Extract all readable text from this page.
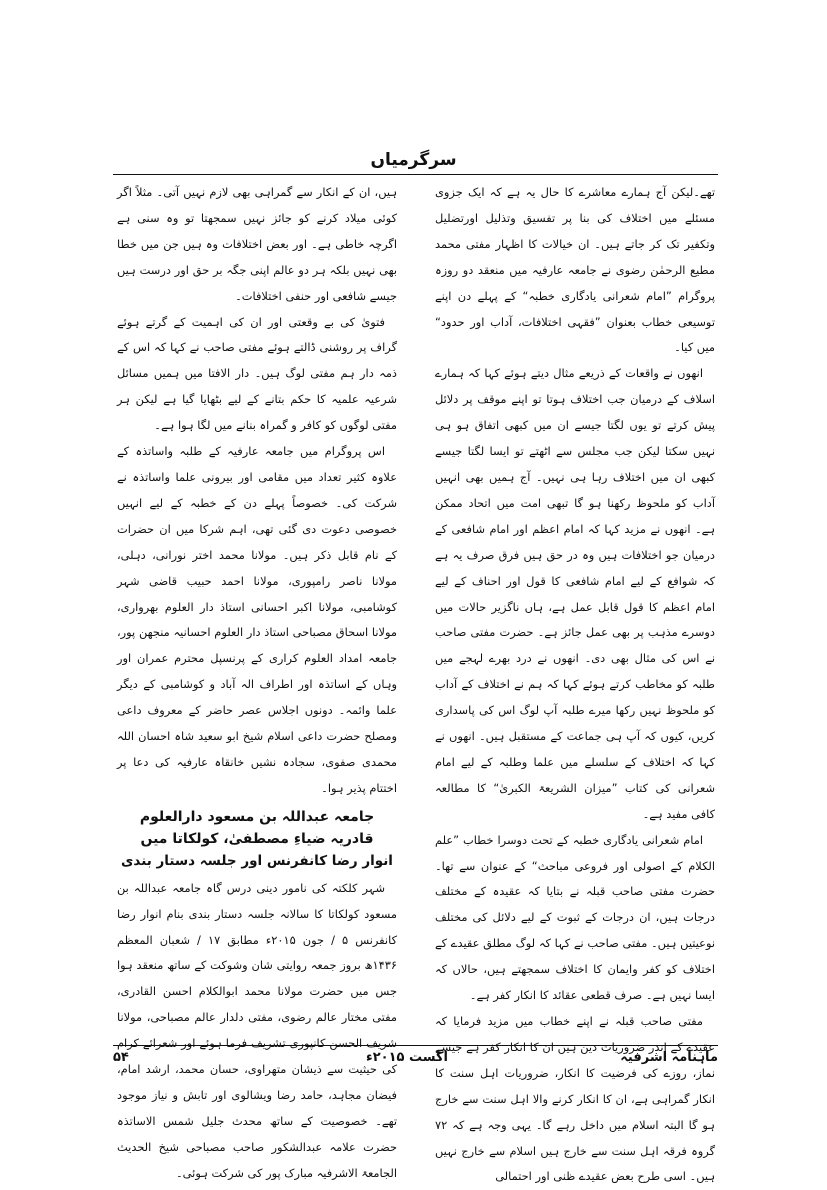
سرگرمیاں

تھے۔لیکن آج ہمارے معاشرے کا حال یہ ہے کہ ایک جزوی مسئلے میں اختلاف کی بنا پر تفسیق وتذلیل اورتضلیل وتکفیر تک کر جاتے ہیں۔ ان خیالات کا اظہار مفتی محمد مطیع الرحمٰن رضوی نے جامعہ عارفیہ میں منعقد دو روزہ پروگرام ”امام شعرانی یادگاری خطبہ“ کے پہلے دن اپنے توسیعی خطاب بعنوان ”فقہی اختلافات، آداب اور حدود“ میں کیا۔

انھوں نے واقعات کے ذریعے مثال دیتے ہوئے کہا کہ ہمارے اسلاف کے درمیان جب اختلاف ہوتا تو اپنے موقف پر دلائل پیش کرتے تو یوں لگتا جیسے ان میں کبھی اتفاق ہو ہی نہیں سکتا لیکن جب مجلس سے اٹھتے تو ایسا لگتا جیسے کبھی ان میں اختلاف رہا ہی نہیں۔ آج ہمیں بھی انہیں آداب کو ملحوظ رکھنا ہو گا تبھی امت میں اتحاد ممکن ہے۔ انھوں نے مزید کہا کہ امام اعظم اور امام شافعی کے درمیان جو اختلافات ہیں وہ در حق ہیں فرق صرف یہ ہے کہ شوافع کے لیے امام شافعی کا قول اور احناف کے لیے امام اعظم کا قول قابل عمل ہے، ہاں ناگزیر حالات میں دوسرے مذہب پر بھی عمل جائز ہے۔ حضرت مفتی صاحب نے اس کی مثال بھی دی۔ انھوں نے درد بھرے لہجے میں طلبہ کو مخاطب کرتے ہوئے کہا کہ ہم نے اختلاف کے آداب کو ملحوظ نہیں رکھا میرے طلبہ آپ لوگ اس کی پاسداری کریں، کیوں کہ آپ ہی جماعت کے مستقبل ہیں۔ انھوں نے کہا کہ اختلاف کے سلسلے میں علما وطلبہ کے لیے امام شعرانی کی کتاب ”میزان الشریعۃ الکبریٰ“ کا مطالعہ کافی مفید ہے۔

امام شعرانی یادگاری خطبہ کے تحت دوسرا خطاب ”علم الکلام کے اصولی اور فروعی مباحث“ کے عنوان سے تھا۔ حضرت مفتی صاحب قبلہ نے بتایا کہ عقیدہ کے مختلف درجات ہیں، ان درجات کے ثبوت کے لیے دلائل کی مختلف نوعیتیں ہیں۔ مفتی صاحب نے کہا کہ لوگ مطلق عقیدے کے اختلاف کو کفر وایمان کا اختلاف سمجھتے ہیں، حالاں کہ ایسا نہیں ہے۔ صرف قطعی عقائد کا انکار کفر ہے۔

مفتی صاحب قبلہ نے اپنے خطاب میں مزید فرمایا کہ عقیدے کے اندر ضروریات دین ہیں ان کا انکار کفر ہے جیسے نماز، روزے کی فرضیت کا انکار، ضروریات اہل سنت کا انکار گمراہی ہے، ان کا انکار کرنے والا اہل سنت سے خارج ہو گا البتہ اسلام میں داخل رہے گا۔ یہی وجہ ہے کہ ۷۲ گروہ فرقہ اہل سنت سے خارج ہیں اسلام سے خارج نہیں ہیں۔ اسی طرح بعض عقیدے ظنی اور احتمالی

ہیں، ان کے انکار سے گمراہی بھی لازم نہیں آتی۔ مثلاً اگر کوئی میلاد کرنے کو جائز نہیں سمجھتا تو وہ سنی ہے اگرچہ خاطی ہے۔ اور بعض اختلافات وہ ہیں جن میں خطا بھی نہیں بلکہ ہر دو عالم اپنی جگہ بر حق اور درست ہیں جیسے شافعی اور حنفی اختلافات۔

فتویٰ کی بے وقعتی اور ان کی اہمیت کے گرتے ہوئے گراف پر روشنی ڈالتے ہوئے مفتی صاحب نے کہا کہ اس کے ذمہ دار ہم مفتی لوگ ہیں۔ دار الافتا میں ہمیں مسائل شرعیہ علمیہ کا حکم بتانے کے لیے بٹھایا گیا ہے لیکن ہر مفتی لوگوں کو کافر و گمراہ بنانے میں لگا ہوا ہے۔

اس پروگرام میں جامعہ عارفیہ کے طلبہ واساتذہ کے علاوہ کثیر تعداد میں مقامی اور بیرونی علما واساتذہ نے شرکت کی۔ خصوصاً پہلے دن کے خطبہ کے لیے انہیں خصوصی دعوت دی گئی تھی، اہم شرکا میں ان حضرات کے نام قابل ذکر ہیں۔ مولانا محمد اختر نورانی، دہلی، مولانا ناصر رامپوری، مولانا احمد حبیب قاضی شہر کوشامبی، مولانا اکبر احسانی استاذ دار العلوم بھرواری، مولانا اسحاق مصباحی استاذ دار العلوم احسانیہ منجھن پور، جامعہ امداد العلوم کراری کے پرنسپل محترم عمران اور وہاں کے اساتذہ اور اطراف الہ آباد و کوشامبی کے دیگر علما وائمہ۔ دونوں اجلاس عصر حاضر کے معروف داعی ومصلح حضرت داعی اسلام شیخ ابو سعید شاہ احسان اللہ محمدی صفوی، سجادہ نشیں خانقاہ عارفیہ کی دعا پر اختتام پذیر ہوا۔

جامعہ عبداللہ بن مسعود دارالعلوم قادریہ ضیاءِ مصطفیٰ، کولکاتا میں
انوار رضا کانفرنس اور جلسہ دستار بندی

شہر کلکتہ کی نامور دینی درس گاہ جامعہ عبداللہ بن مسعود کولکاتا کا سالانہ جلسہ دستار بندی بنام انوار رضا کانفرنس ۵ / جون ۲۰۱۵ء مطابق ۱۷ / شعبان المعظم ۱۴۳۶ھ بروز جمعہ روایتی شان وشوکت کے ساتھ منعقد ہوا جس میں حضرت مولانا محمد ابوالکلام احسن القادری، مفتی مختار عالم رضوی، مفتی دلدار عالم مصباحی، مولانا شریف الحسن کانپوری تشریف فرما ہوئے اور شعرائے کرام کی حیثیت سے ذیشان متھراوی، حسان محمد، ارشد امام، فیضان مجاہد، حامد رضا ویشالوی اور تابش و نیاز موجود تھے۔ خصوصیت کے ساتھ محدث جلیل شمس الاساتذہ حضرت علامہ عبدالشکور صاحب مصباحی شیخ الحدیث الجامعۃ الاشرفیہ مبارک پور کی شرکت ہوئی۔

ماہنامہ اشرفیہ
اگست ۲۰۱۵ء
۵۴
